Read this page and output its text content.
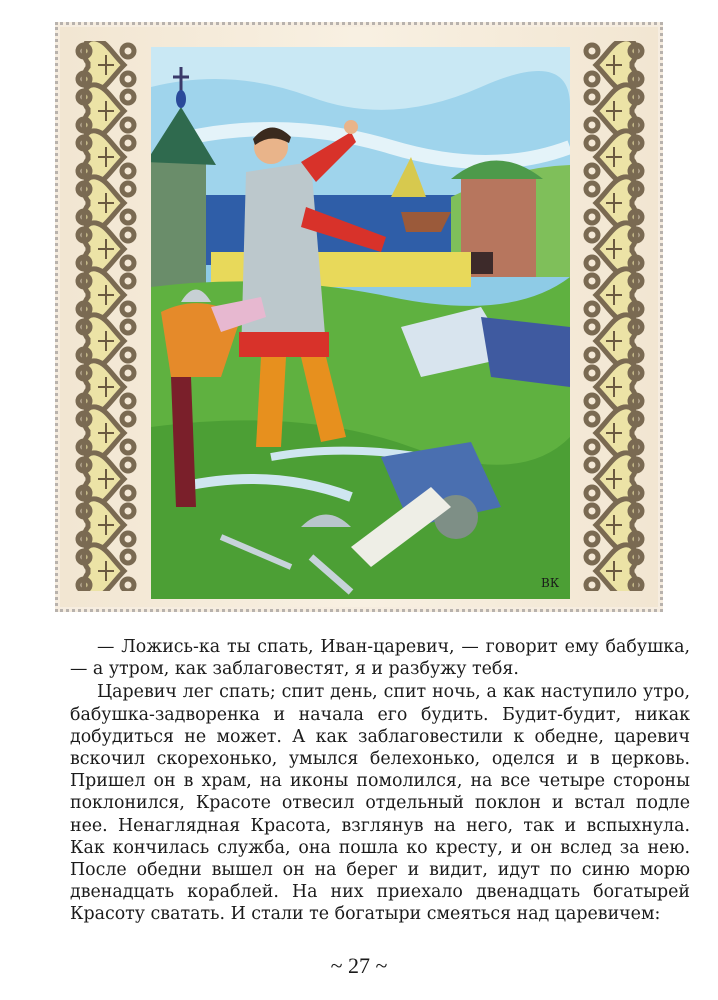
ВК

— Ложись-ка ты спать, Иван-царевич, — говорит ему бабушка, — а утром, как заблаговестят, я и разбужу тебя.

Царевич лег спать; спит день, спит ночь, а как наступило утро, бабушка-задворенка и начала его будить. Будит-будит, никак добудиться не может. А как заблаговестили к обедне, царевич вскочил скорехонько, умылся белехонько, оделся и в церковь. Пришел он в храм, на иконы помолился, на все четыре стороны поклонился, Красоте отвесил отдельный поклон и встал подле нее. Ненаглядная Красота, взглянув на него, так и вспыхнула. Как кончилась служба, она пошла ко кресту, и он вслед за нею. После обедни вышел он на берег и видит, идут по синю морю двенадцать кораблей. На них приехало двенадцать богатырей Красоту сватать. И стали те богатыри смеяться над царевичем:

~ 27 ~
